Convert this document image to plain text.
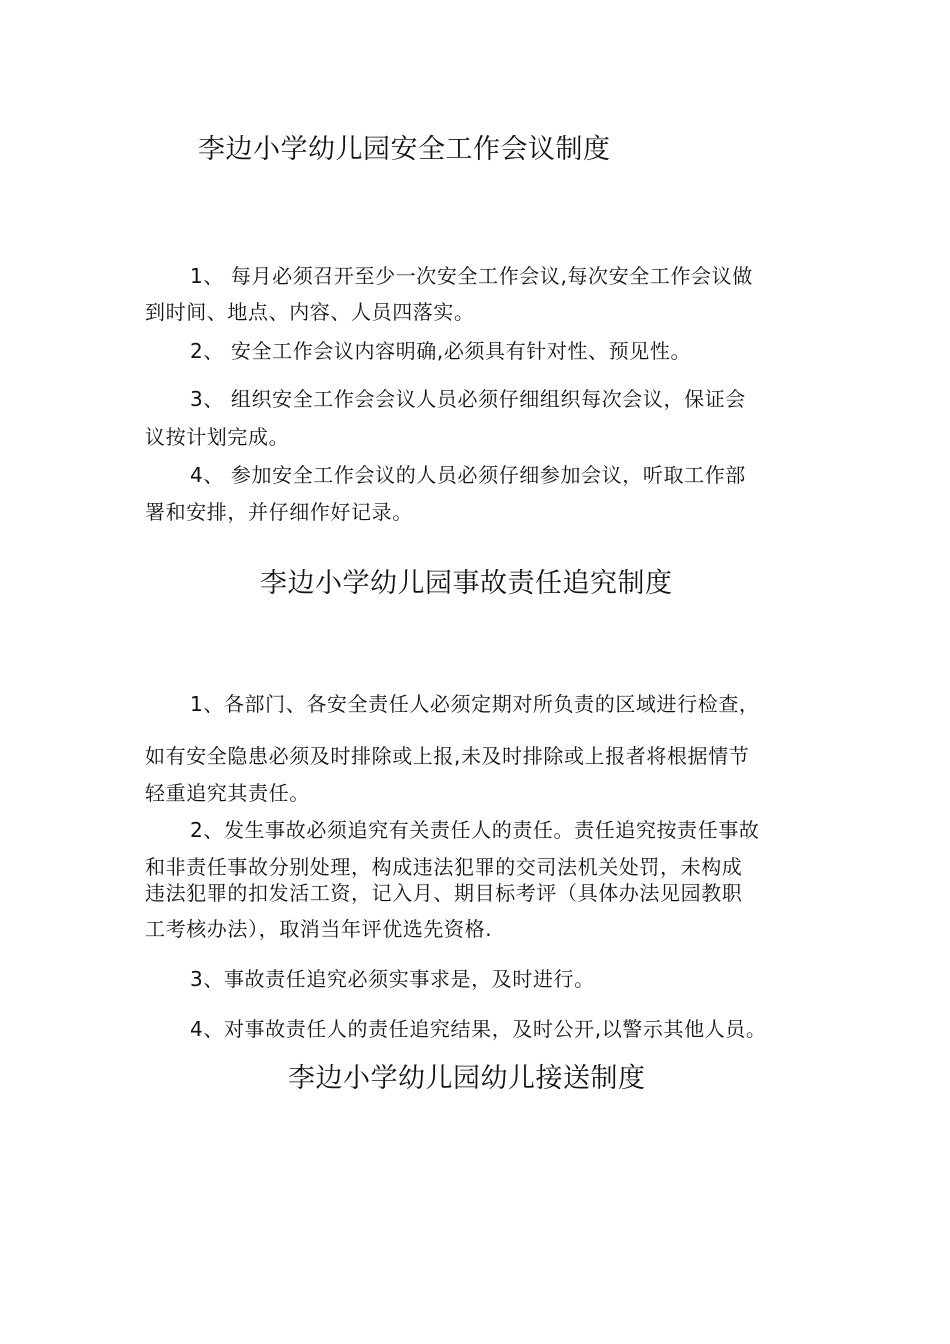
李边小学幼儿园安全工作会议制度
1、 每月必须召开至少一次安全工作会议,每次安全工作会议做
到时间、地点、内容、人员四落实。
2、 安全工作会议内容明确,必须具有针对性、预见性。
3、 组织安全工作会会议人员必须仔细组织每次会议，保证会
议按计划完成。
4、 参加安全工作会议的人员必须仔细参加会议，听取工作部
署和安排，并仔细作好记录。
李边小学幼儿园事故责任追究制度
1、各部门、各安全责任人必须定期对所负责的区域进行检查，
如有安全隐患必须及时排除或上报,未及时排除或上报者将根据情节
轻重追究其责任。
2、发生事故必须追究有关责任人的责任。责任追究按责任事故
和非责任事故分别处理，构成违法犯罪的交司法机关处罚，未构成
违法犯罪的扣发活工资，记入月、期目标考评（具体办法见园教职
工考核办法），取消当年评优选先资格.
3、事故责任追究必须实事求是，及时进行。
4、对事故责任人的责任追究结果，及时公开,以警示其他人员。
李边小学幼儿园幼儿接送制度
